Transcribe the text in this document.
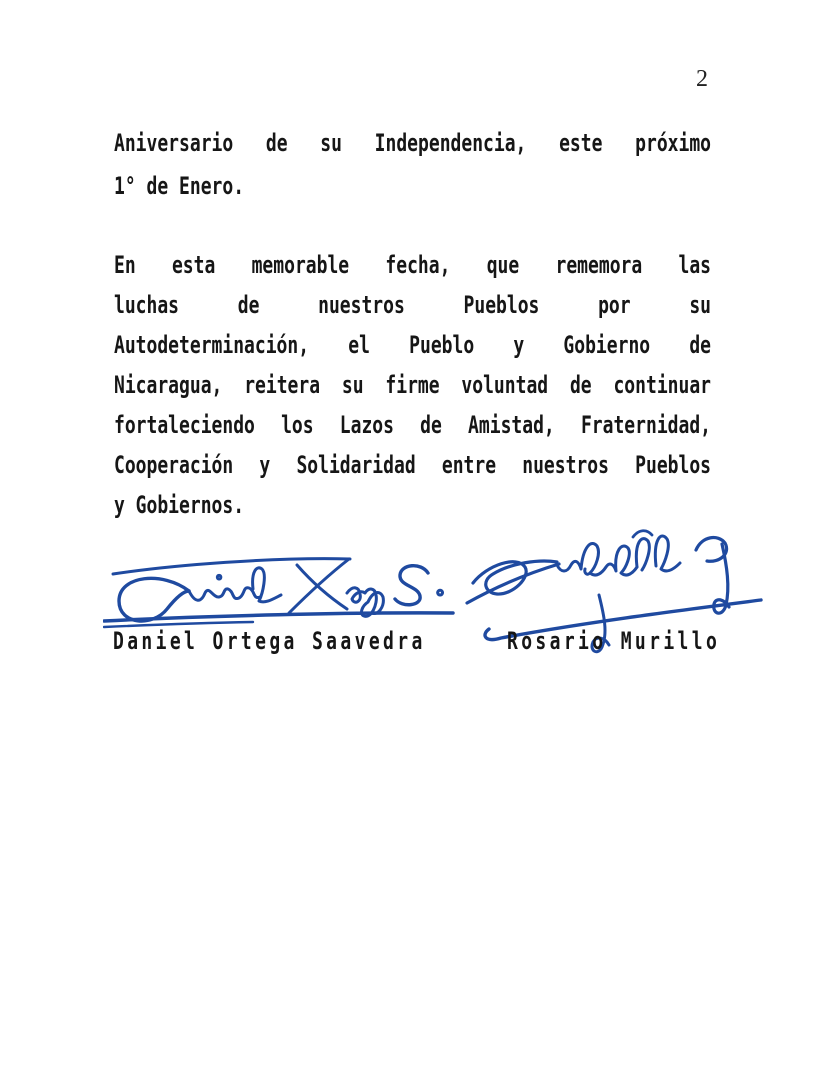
2
Aniversario de su Independencia, este próximo
1° de Enero.
En esta memorable fecha, que rememora las
luchas de nuestros Pueblos por su
Autodeterminación, el Pueblo y Gobierno de
Nicaragua, reitera su firme voluntad de continuar
fortaleciendo los Lazos de Amistad, Fraternidad,
Cooperación y Solidaridad entre nuestros Pueblos
y Gobiernos.
Daniel Ortega Saavedra	Rosario Murillo
